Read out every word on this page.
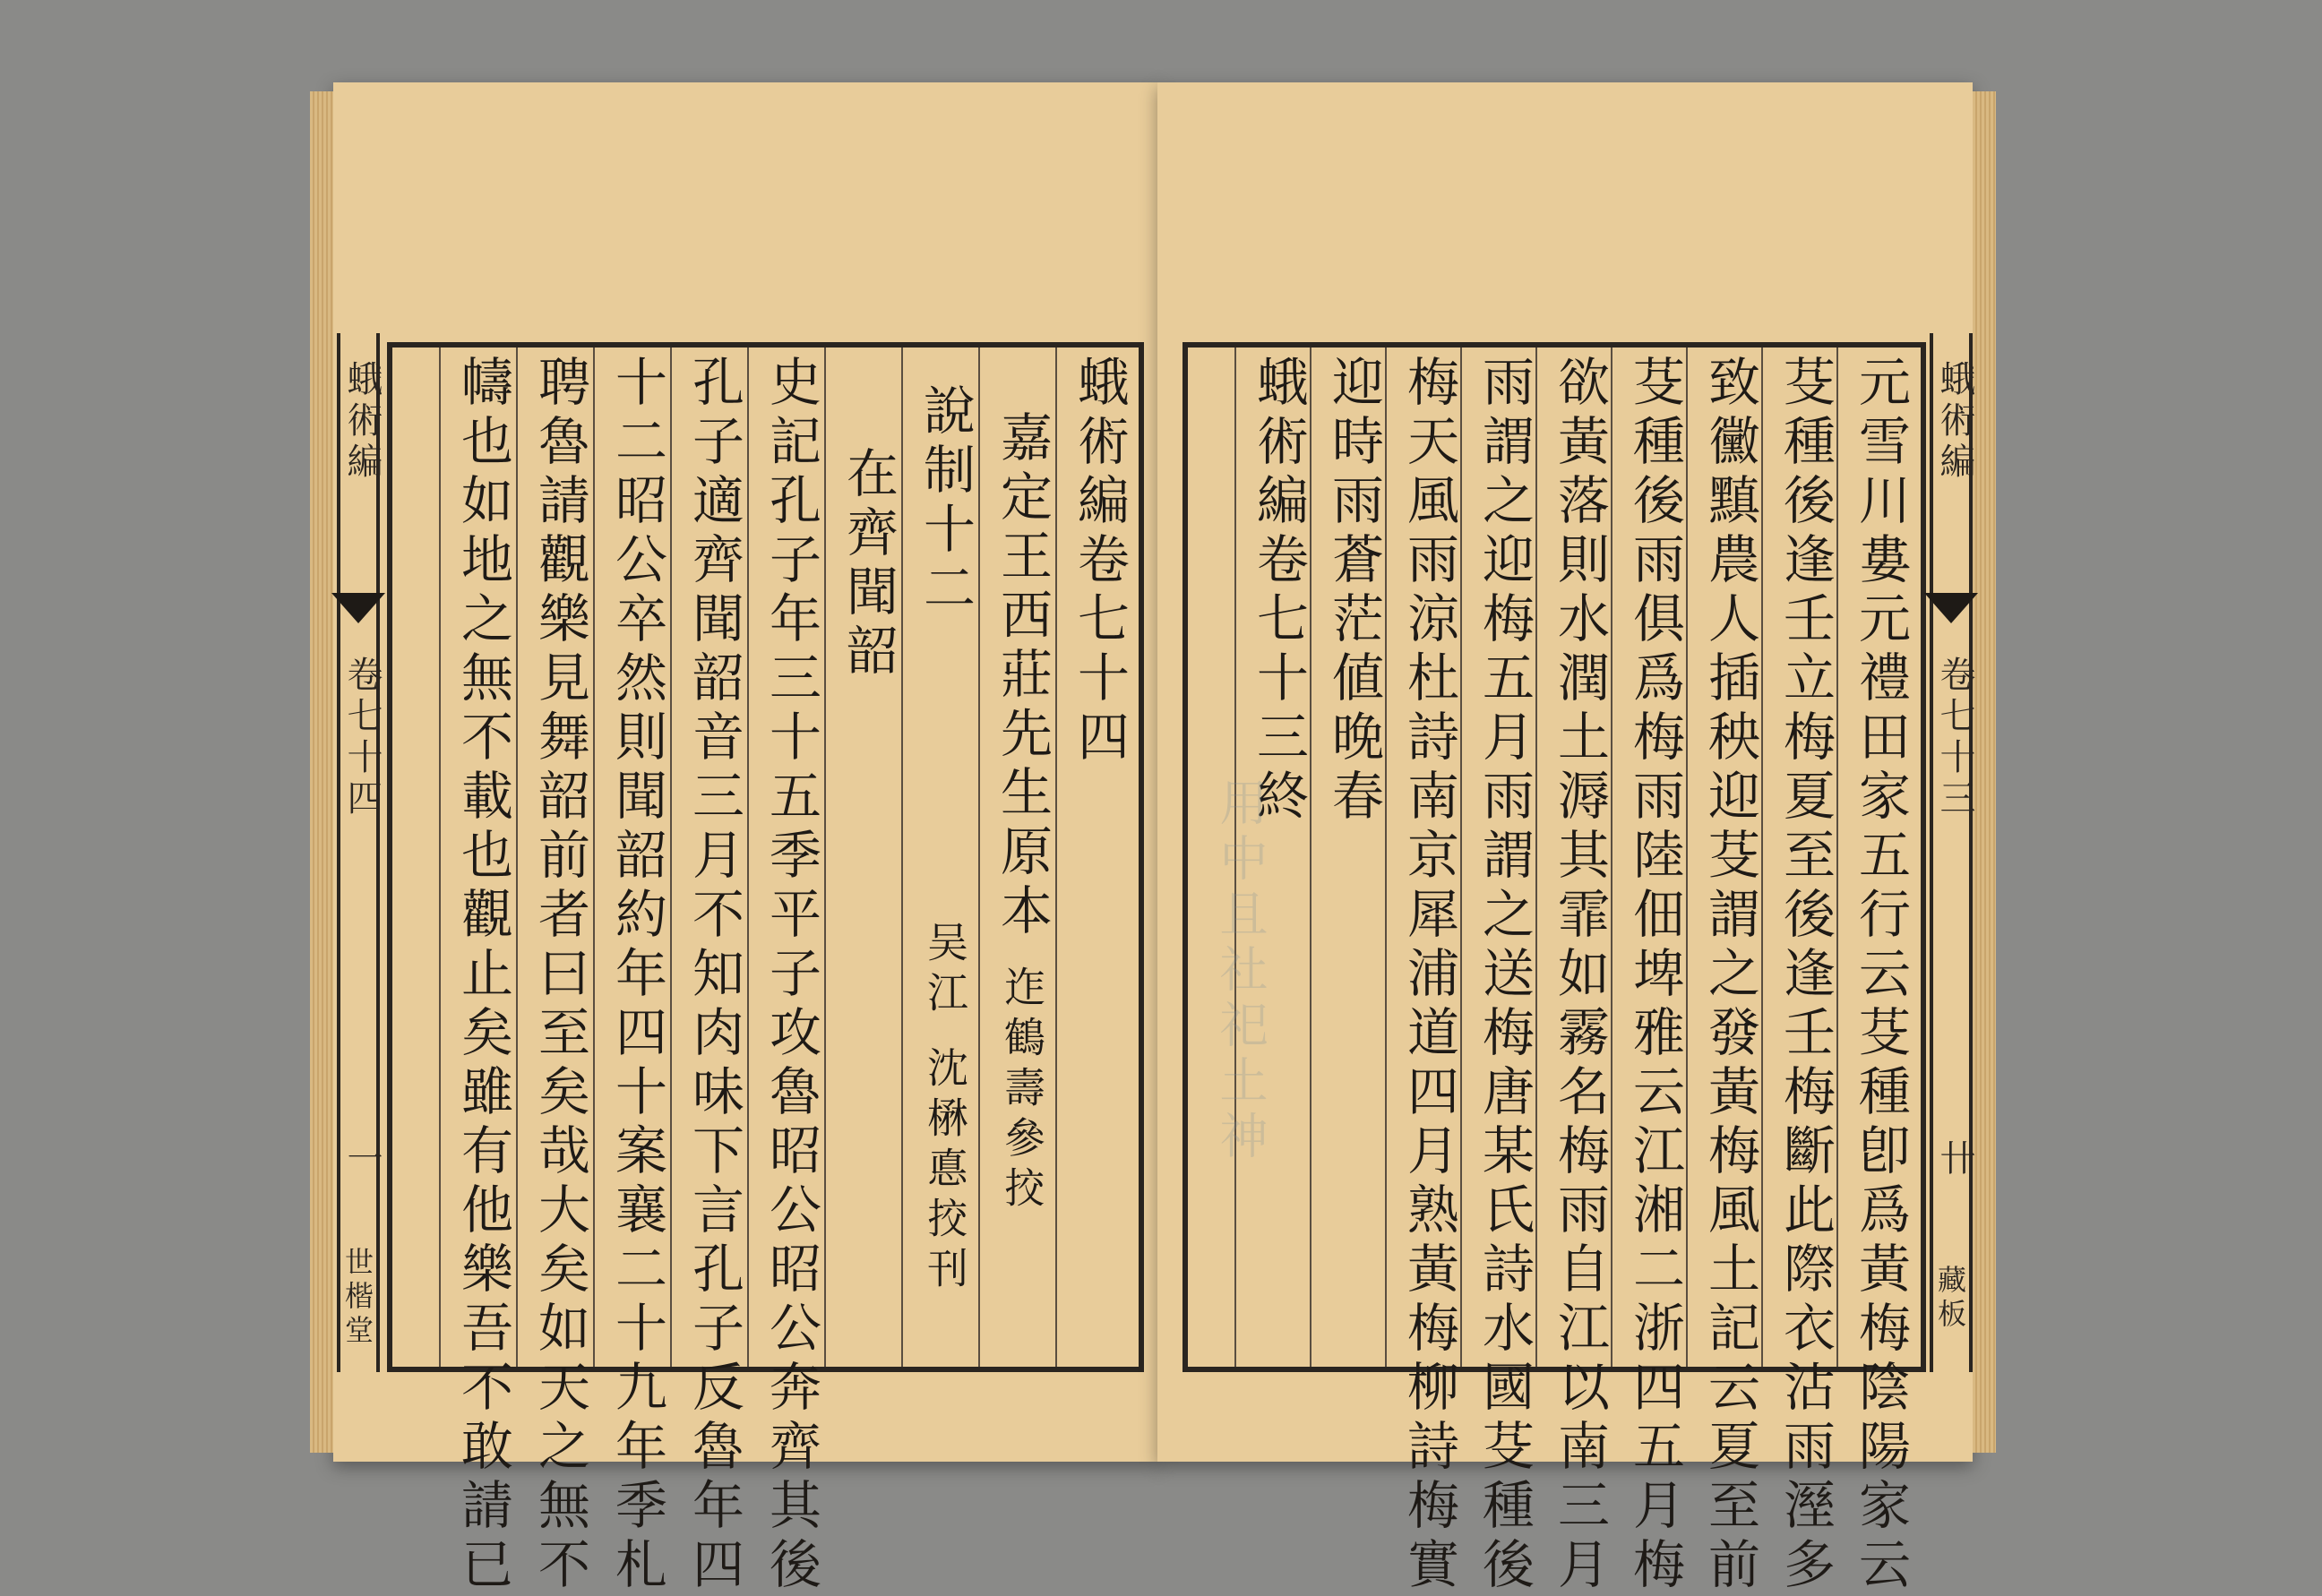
蛾術編
卷七十四
一
世楷堂
蛾術編卷七十四
嘉定王西莊先生原本
說制十二
在齊聞韶
史記孔子年三十五季平子攻魯昭公昭公奔齊其後
孔子適齊聞韶音三月不知肉味下言孔子反魯年四
十二昭公卒然則聞韶約年四十案襄二十九年季札
聘魯請觀樂見舞韶前者曰至矣哉大矣如天之無不
幬也如地之無不載也觀止矣雖有他樂吾不敢請已	吴江 迮鶴壽參挍
沈楙悳挍刊	元雪川婁元禮田家五行云芟種卽爲黃梅陰陽家云
芟種後逢壬立梅夏至後逢壬梅斷此際衣沾雨溼多
致黴黰農人插秧迎芟謂之發黃梅風土記云夏至前
芟種後雨俱爲梅雨陸佃埤雅云江湘二浙四五月梅
欲黃落則水潤土溽其霏如霧名梅雨自江以南三月
雨謂之迎梅五月雨謂之送梅唐某氏詩水國芟種後
梅天風雨涼杜詩南京犀浦道四月熟黃梅柳詩梅實
迎時雨蒼茫値晚春
蛾術編卷七十三終
用中且社祀土神
蛾術編
卷七十三
卄
藏板
